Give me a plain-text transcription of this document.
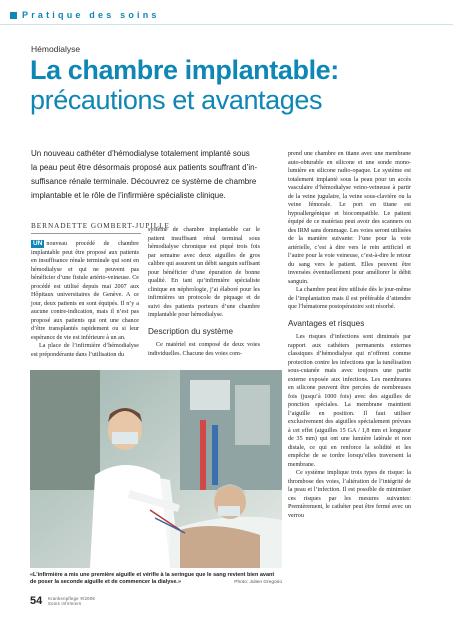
Pratique des soins
Hémodialyse
La chambre implantable:
précautions et avantages
Un nouveau cathéter d’hémodialyse totalement implanté sous
la peau peut être désormais proposé aux patients souffrant d’in-
suffisance rénale terminale. Découvrez ce système de chambre
implantable et le rôle de l’infirmière spécialiste clinique.
BERNADETTE GOMBERT-JUPILLE

UN nouveau procédé de chambre implantable peut être proposé aux patients en insuffisance rénale terminale qui sont en hémodialyse et qui ne peuvent pas bénéficier d’une fistule artério-veineuse. Ce procédé est utilisé depuis mai 2007 aux Hôpitaux universitaires de Genève. A ce jour, deux patients en sont équipés. Il n’y a aucune contre-indication, mais il n’est pas proposé aux patients qui ont une chance d’être transplantés rapidement ou si leur espérance de vie est inférieure à un an.

La place de l’infirmière d’hémodialyse est prépondérante dans l’utilisation du

système de chambre implantable car le patient insuffisant rénal terminal sous hémodialyse chronique est piqué trois fois par semaine avec deux aiguilles de gros calibre qui assurent un débit sanguin suffisant pour bénéficier d’une épuration de bonne qualité. En tant qu’infirmière spécialiste clinique en néphrologie, j’ai élaboré pour les infirmières un protocole de piquage et de suivi des patients porteurs d’une chambre implantable pour hémodialyse.

Description du système

Ce matériel est composé de deux voies individuelles. Chacune des voies com-

prend une chambre en titane avec une membrane auto-obturable en silicone et une sonde mono-lumière en silicone radio-opaque. Le système est totalement implanté sous la peau pour un accès vasculaire d’hémodialyse veino-veineuse à partir de la veine jugulaire, la veine sous-clavière ou la veine fémorale. Le port en titane est hypoallergénique et biocompatible. Le patient équipé de ce matériau peut avoir des scanners ou des IRM sans dommage. Les voies seront utilisées de la manière suivante: l’une pour la voie artérielle, c’est à dire vers le rein artificiel et l’autre pour la voie veineuse, c’est-à-dire le retour du sang vers le patient. Elles peuvent être inversées éventuellement pour améliorer le débit sanguin.

La chambre peut être utilisée dès le jour-même de l’implantation mais il est préférable d’attendre que l’hématome postopératoire soit résorbé.

Avantages et risques

Les risques d’infections sont diminués par rapport aux cathéters permanents externes classiques d’hémodialyse qui n’offrent comme protection contre les infections que la tunélisation sous-cutanée mais avec toujours une partie externe exposée aux infections. Les membranes en silicone peuvent être percées de nombreuses fois (jusqu’à 1000 fois) avec des aiguilles de ponction spéciales. La membrane maintient l’aiguille en position. Il faut utiliser exclusivement des aiguilles spécialement prévues à cet effet (aiguilles 15 GA / 1,8 mm et longueur de 35 mm) qui ont une lumière latérale et non distale, ce qui en renforce la solidité et les empêche de se tordre lorsqu’elles traversent la membrane.

Ce système implique trois types de risque: la thrombose des voies, l’altération de l’intégrité de la peau et l’infection. Il est possible de minimiser ces risques par les mesures suivantes: Premièrement, le cathéter peut être fermé avec un verrou

«L’infirmière a mis une première aiguille et vérifie à la seringue que le sang revient bien avant de poser la seconde aiguille et de commencer la dialyse.»	Photo: Julien Gregorio
54 Krankenpflege 9/2008
Soins infirmiers
